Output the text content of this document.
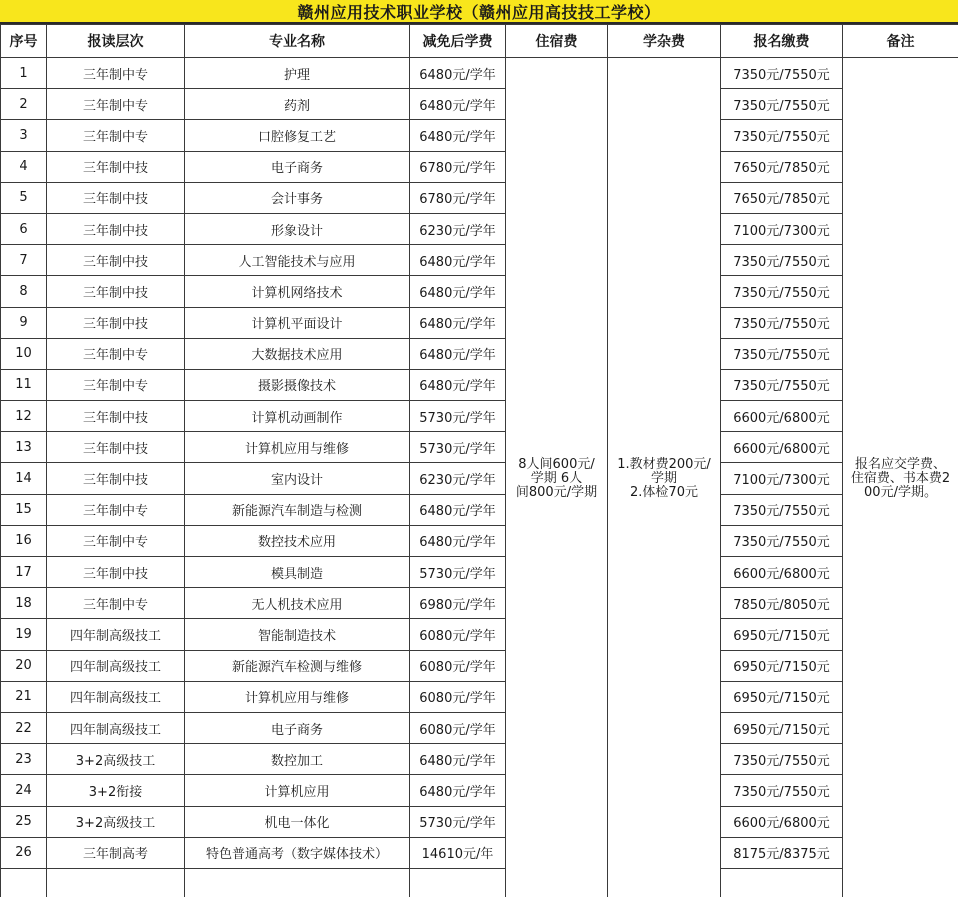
赣州应用技术职业学校（赣州应用高技技工学校）
序号	报读层次	专业名称	减免后学费	住宿费	学杂费	报名缴费	备注
1	三年制中专	护理	6480元/学年	8人间600元/
学期 6人
间800元/学期	1.教材费200元/
学期
2.体检70元	7350元/7550元	报名应交学费、
住宿费、书本费2
00元/学期。

2	三年制中专	药剂	6480元/学年			7350元/7550元	
3	三年制中专	口腔修复工艺	6480元/学年			7350元/7550元	
4	三年制中技	电子商务	6780元/学年			7650元/7850元	
5	三年制中技	会计事务	6780元/学年			7650元/7850元	
6	三年制中技	形象设计	6230元/学年			7100元/7300元	
7	三年制中技	人工智能技术与应用	6480元/学年			7350元/7550元	
8	三年制中技	计算机网络技术	6480元/学年			7350元/7550元	
9	三年制中技	计算机平面设计	6480元/学年			7350元/7550元	
10	三年制中专	大数据技术应用	6480元/学年			7350元/7550元	
11	三年制中专	摄影摄像技术	6480元/学年			7350元/7550元	
12	三年制中技	计算机动画制作	5730元/学年			6600元/6800元	
13	三年制中技	计算机应用与维修	5730元/学年			6600元/6800元	
14	三年制中技	室内设计	6230元/学年			7100元/7300元	
15	三年制中专	新能源汽车制造与检测	6480元/学年			7350元/7550元	
16	三年制中专	数控技术应用	6480元/学年			7350元/7550元	
17	三年制中技	模具制造	5730元/学年			6600元/6800元	
18	三年制中专	无人机技术应用	6980元/学年			7850元/8050元	
19	四年制高级技工	智能制造技术	6080元/学年			6950元/7150元	
20	四年制高级技工	新能源汽车检测与维修	6080元/学年			6950元/7150元	
21	四年制高级技工	计算机应用与维修	6080元/学年			6950元/7150元	
22	四年制高级技工	电子商务	6080元/学年			6950元/7150元	
23	3+2高级技工	数控加工	6480元/学年			7350元/7550元	
24	3+2衔接	计算机应用	6480元/学年			7350元/7550元	
25	3+2高级技工	机电一体化	5730元/学年			6600元/6800元	
26	三年制高考	特色普通高考（数字媒体技术）	14610元/年			8175元/8375元	
